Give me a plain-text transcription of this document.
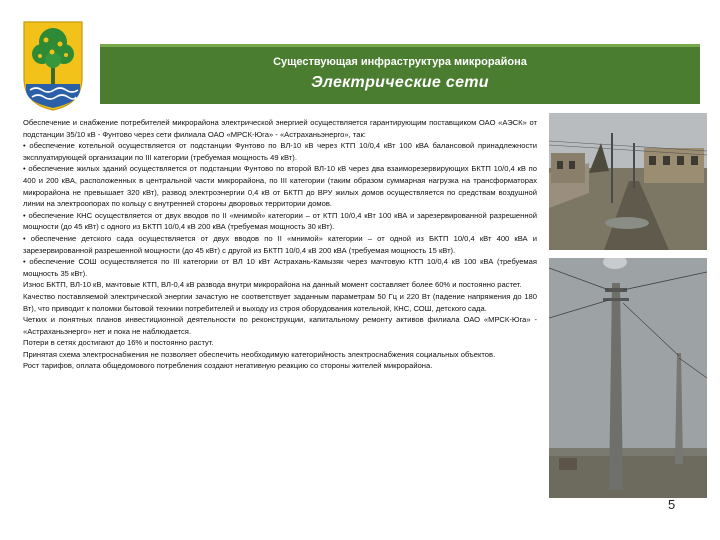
Существующая инфраструктура микрорайона
Электрические сети

Обеспечение и снабжение потребителей микрорайона электрической энергией осуществляется гарантирующим поставщиком ОАО «АЭСК» от подстанции 35/10 кВ - Фунтово через сети филиала ОАО «МРСК-Юга» - «Астраханьэнерго», так:

• обеспечение котельной осуществляется от подстанции Фунтово по ВЛ-10 кВ через КТП 10/0,4 кВт 100 кВА балансовой принадлежности эксплуатирующей организации по III категории (требуемая мощность 49 кВт).

• обеспечение жилых зданий осуществляется от подстанции Фунтово по второй ВЛ-10 кВ через два взаиморезервирующих БКТП 10/0,4 кВ по 400 и 200 кВА, расположенных в центральной части микрорайона, по III категории (таким образом суммарная нагрузка на трансформаторах микрорайона не превышает 320 кВт), развод электроэнергии 0,4 кВ от БКТП до ВРУ жилых домов осуществляется по средствам воздушной линии на электроопорах по кольцу с внутренней стороны дворовых территории домов.

• обеспечение КНС осуществляется от двух вводов по II «мнимой» категории – от КТП 10/0,4 кВт 100 кВА и зарезервированной разрешенной мощности (до 45 кВт) с одного из БКТП 10/0,4 кВ 200 кВА (требуемая мощность 30 кВт).

• обеспечение детского сада осуществляется от двух вводов по II «мнимой» категории – от одной из БКТП 10/0,4 кВт 400 кВА и зарезервированной разрешенной мощности (до 45 кВт) с другой из БКТП 10/0,4 кВ 200 кВА (требуемая мощность 15 кВт).

• обеспечение СОШ осуществляется по III категории от ВЛ 10 кВт Астрахань-Камызяк через мачтовую КТП 10/0,4 кВ 100 кВА (требуемая мощность 35 кВт).

Износ БКТП, ВЛ-10 кВ, мачтовые КТП, ВЛ-0,4 кВ развода внутри микрорайона на данный момент составляет более 60% и постоянно растет.

Качество поставляемой электрической энергии зачастую не соответствует заданным параметрам 50 Гц и 220 Вт (падение напряжения до 180 Вт), что приводит к поломки бытовой техники потребителей и выходу из строя оборудования котельной, КНС, СОШ, детского сада.

Четких и понятных планов инвестиционной деятельности по реконструкции, капитальному ремонту активов филиала ОАО «МРСК-Юга» - «Астраханьэнерго» нет и пока не наблюдается.

Потери в сетях достигают до 16% и постоянно растут.

Принятая схема электроснабжения не позволяет обеспечить необходимую категорийность электроснабжения социальных объектов.

Рост тарифов, оплата общедомового потребления создают негативную реакцию со стороны жителей микрорайона.

5
